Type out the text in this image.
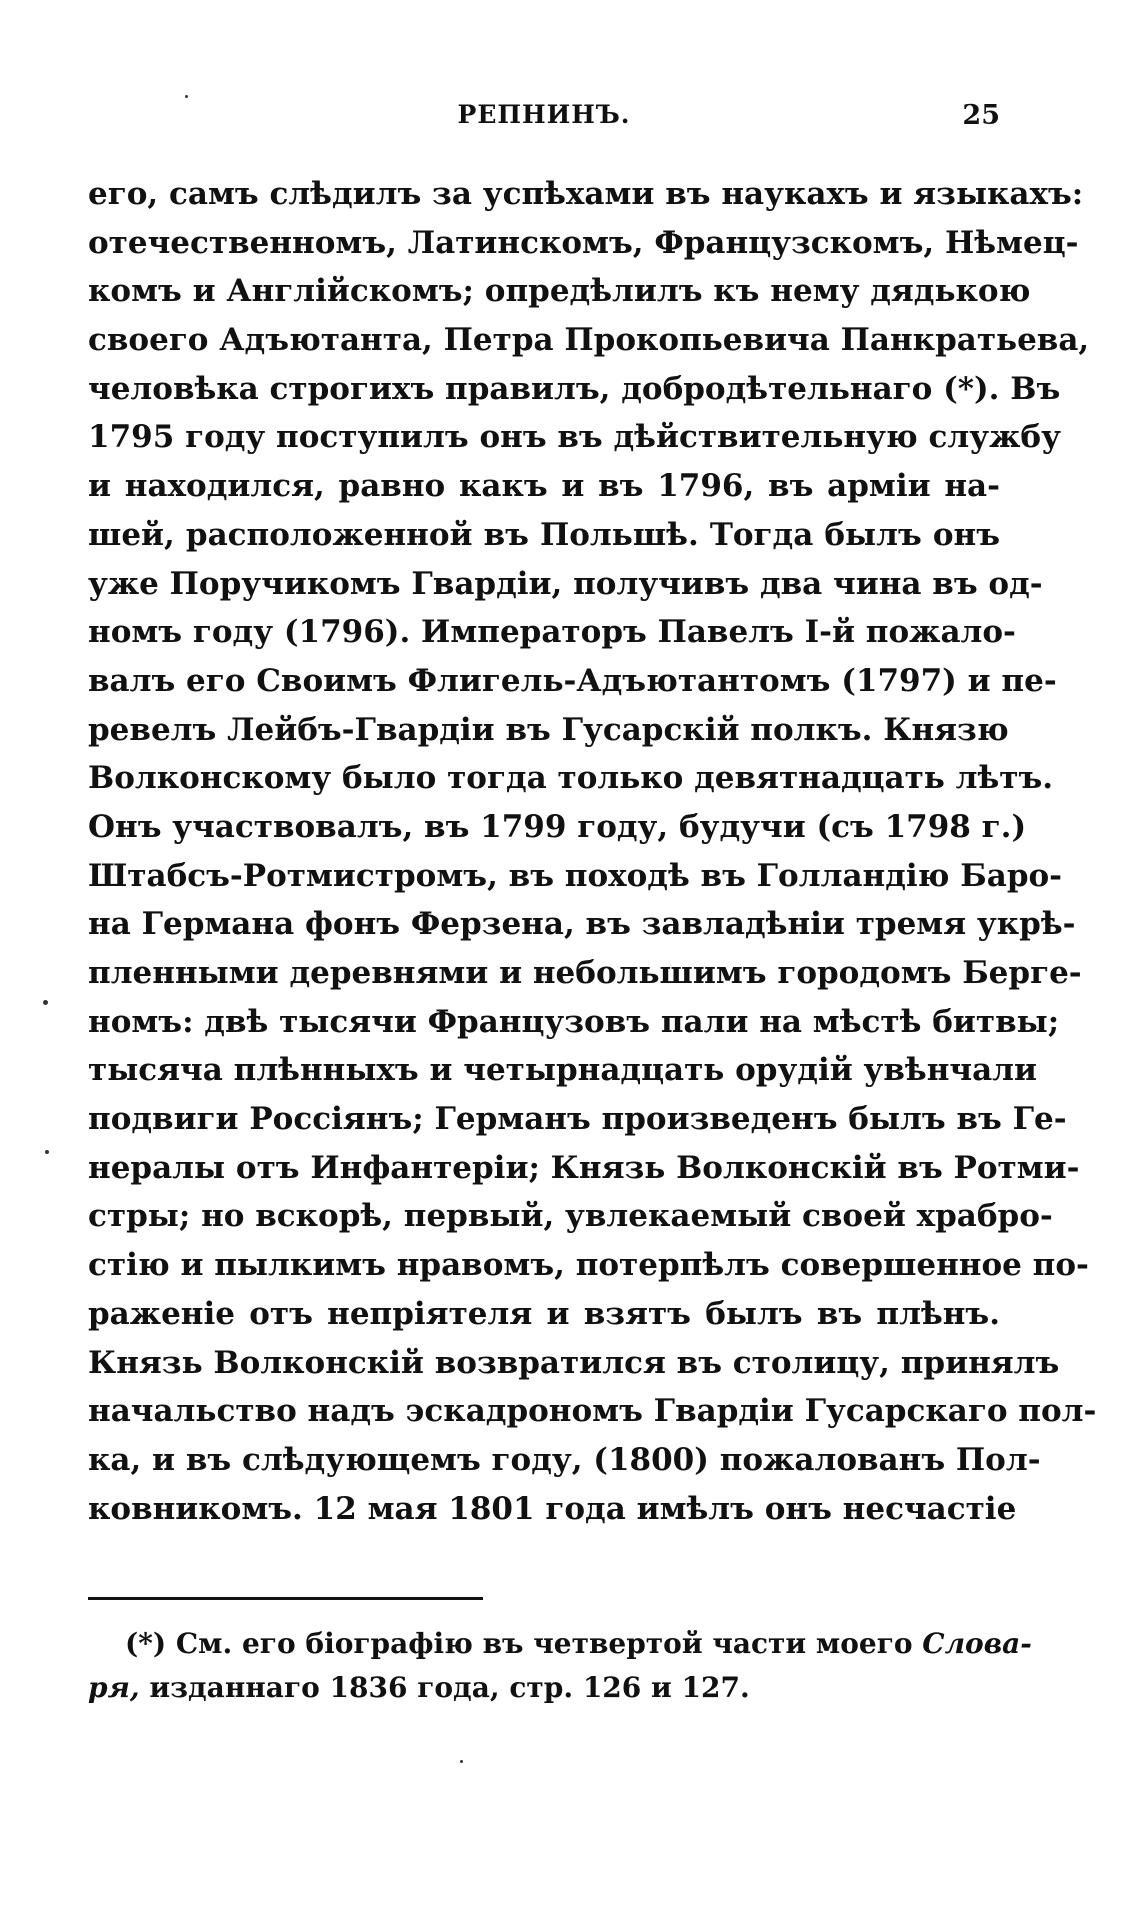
РЕПНИНЪ.	25
его, самъ слѣдилъ за успѣхами въ наукахъ и языкахъ:
отечественномъ, Латинскомъ, Французскомъ, Нѣмец-
комъ и Англійскомъ; опредѣлилъ къ нему дядькою
своего Адъютанта, Петра Прокопьевича Панкратьева,
человѣка строгихъ правилъ, добродѣтельнаго (*). Въ
1795 году поступилъ онъ въ дѣйствительную службу
и находился, равно какъ и въ 1796, въ арміи на-
шей, расположенной въ Польшѣ. Тогда былъ онъ
уже Поручикомъ Гвардіи, получивъ два чина въ од-
номъ году (1796). Императоръ Павелъ I-й пожало-
валъ его Своимъ Флигель-Адъютантомъ (1797) и пе-
ревелъ Лейбъ-Гвардіи въ Гусарскій полкъ. Князю
Волконскому было тогда только девятнадцать лѣтъ.
Онъ участвовалъ, въ 1799 году, будучи (съ 1798 г.)
Штабсъ-Ротмистромъ, въ походѣ въ Голландію Баро-
на Германа фонъ Ферзена, въ завладѣніи тремя укрѣ-
пленными деревнями и небольшимъ городомъ Берге-
номъ: двѣ тысячи Французовъ пали на мѣстѣ битвы;
тысяча плѣнныхъ и четырнадцать орудій увѣнчали
подвиги Россіянъ; Германъ произведенъ былъ въ Ге-
нералы отъ Инфантеріи; Князь Волконскій въ Ротми-
стры; но вскорѣ, первый, увлекаемый своей храбро-
стію и пылкимъ нравомъ, потерпѣлъ совершенное по-
раженіе отъ непріятеля и взятъ былъ въ плѣнъ.
Князь Волконскій возвратился въ столицу, принялъ
начальство надъ эскадрономъ Гвардіи Гусарскаго пол-
ка, и въ слѣдующемъ году, (1800) пожалованъ Пол-
ковникомъ. 12 мая 1801 года имѣлъ онъ несчастіе
(*) См. его біографію въ четвертой части моего Слова-
ря, изданнаго 1836 года, стр. 126 и 127.
